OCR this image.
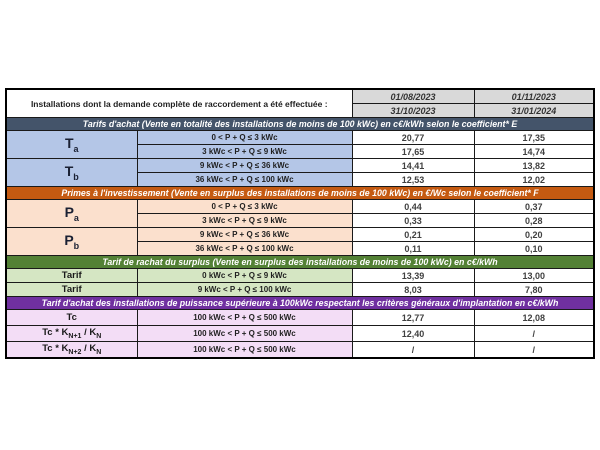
Installations dont la demande complète de raccordement a été effectuée :		01/08/2023	01/11/2023
		31/10/2023	31/01/2024
Tarifs d'achat (Vente en totalité des installations de moins de 100 kWc) en c€/kWh selon le coefficient* E			
$T_a$	0 < P + Q ≤ 3 kWc	20,77	17,35
	3 kWc < P + Q ≤ 9 kWc	17,65	14,74
$T_b$	9 kWc < P + Q ≤ 36 kWc	14,41	13,82
	36 kWc < P + Q ≤ 100 kWc	12,53	12,02
Primes à l'investissement (Vente en surplus des installations de moins de 100 kWc) en €/Wc selon le coefficient* F			
$P_a$	0 < P + Q ≤ 3 kWc	0,44	0,37
	3 kWc < P + Q ≤ 9 kWc	0,33	0,28
$P_b$	9 kWc < P + Q ≤ 36 kWc	0,21	0,20
	36 kWc < P + Q ≤ 100 kWc	0,11	0,10
Tarif de rachat du surplus (Vente en surplus des installations de moins de 100 kWc) en c€/kWh			
Tarif	0 kWc < P + Q ≤ 9 kWc	13,39	13,00
Tarif	9 kWc < P + Q ≤ 100 kWc	8,03	7,80
Tarif d'achat des installations de puissance supérieure à 100kWc respectant les critères généraux d'implantation en c€/kWh			
Tc	100 kWc < P + Q ≤ 500 kWc	12,77	12,08
Tc * $K_{N+1} / K_N$	100 kWc < P + Q ≤ 500 kWc	12,40	/
Tc * $K_{N+2} / K_N$	100 kWc < P + Q ≤ 500 kWc	/	/
